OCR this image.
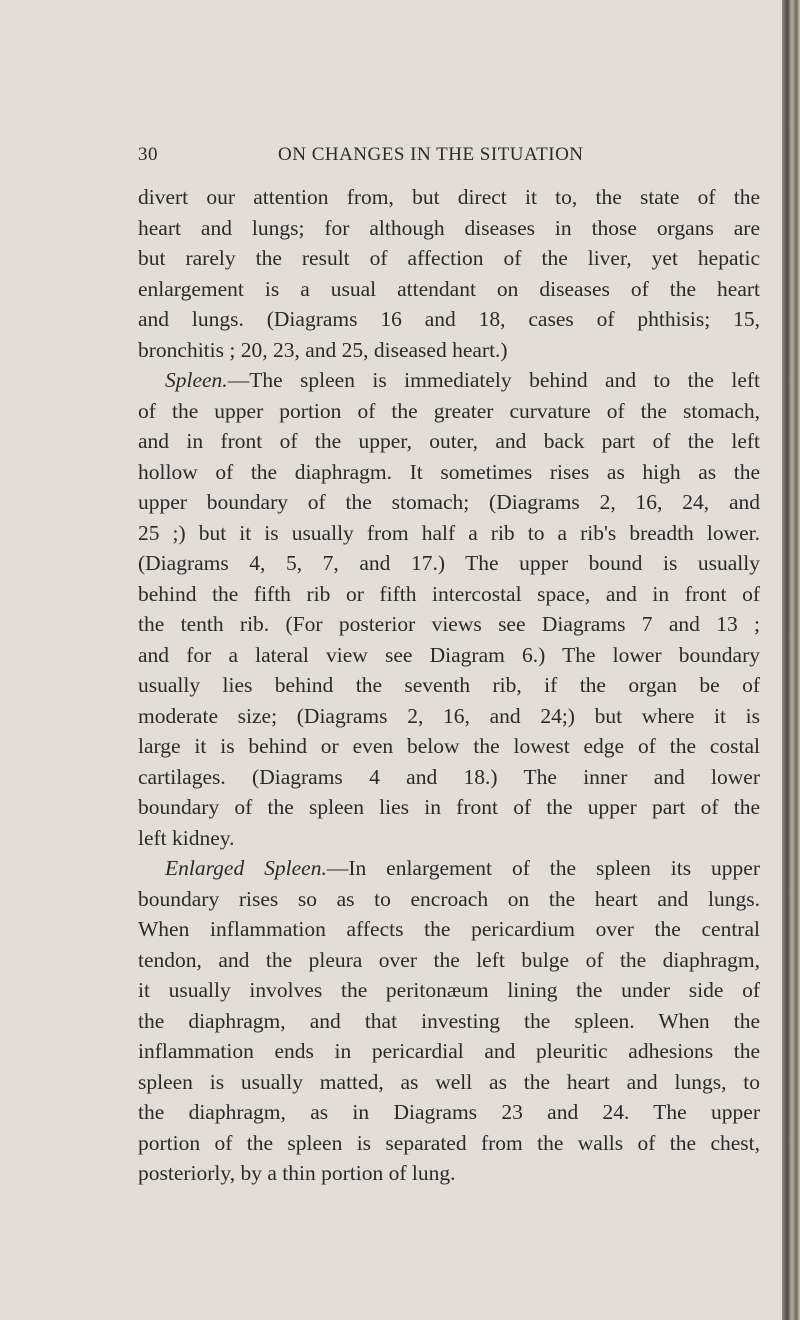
30	ON CHANGES IN THE SITUATION
divert our attention from, but direct it to, the state of the
heart and lungs; for although diseases in those organs are
but rarely the result of affection of the liver, yet hepatic
enlargement is a usual attendant on diseases of the heart
and lungs. (Diagrams 16 and 18, cases of phthisis; 15,
bronchitis ; 20, 23, and 25, diseased heart.)
Spleen.—The spleen is immediately behind and to the left
of the upper portion of the greater curvature of the stomach,
and in front of the upper, outer, and back part of the left
hollow of the diaphragm. It sometimes rises as high as the
upper boundary of the stomach; (Diagrams 2, 16, 24, and
25 ;) but it is usually from half a rib to a rib's breadth lower.
(Diagrams 4, 5, 7, and 17.) The upper bound is usually
behind the fifth rib or fifth intercostal space, and in front of
the tenth rib. (For posterior views see Diagrams 7 and 13 ;
and for a lateral view see Diagram 6.) The lower boundary
usually lies behind the seventh rib, if the organ be of
moderate size; (Diagrams 2, 16, and 24;) but where it is
large it is behind or even below the lowest edge of the costal
cartilages. (Diagrams 4 and 18.) The inner and lower
boundary of the spleen lies in front of the upper part of the
left kidney.
Enlarged Spleen.—In enlargement of the spleen its upper
boundary rises so as to encroach on the heart and lungs.
When inflammation affects the pericardium over the central
tendon, and the pleura over the left bulge of the diaphragm,
it usually involves the peritonæum lining the under side of
the diaphragm, and that investing the spleen. When the
inflammation ends in pericardial and pleuritic adhesions the
spleen is usually matted, as well as the heart and lungs, to
the diaphragm, as in Diagrams 23 and 24. The upper
portion of the spleen is separated from the walls of the chest,
posteriorly, by a thin portion of lung.
